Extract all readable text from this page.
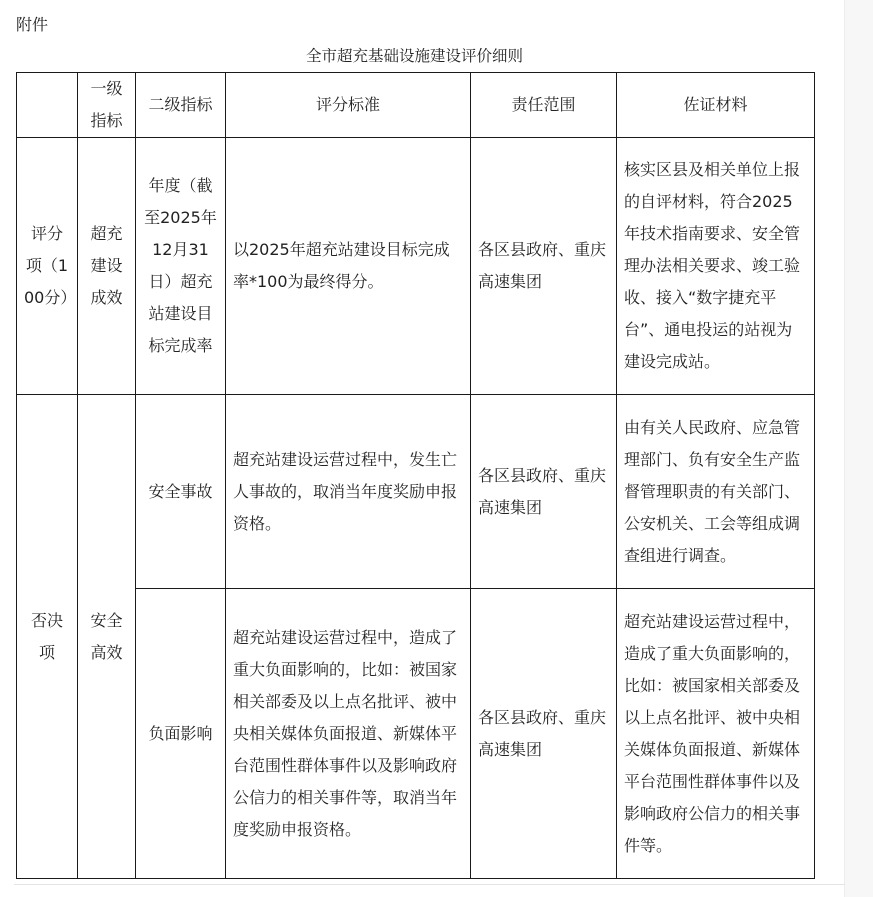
附件
全市超充基础设施建设评价细则
	一级指标	二级指标	评分标准	责任范围	佐证材料
评分项（100分）	超充建设成效	年度（截至2025年12月31日）超充站建设目标完成率	以2025年超充站建设目标完成率*100为最终得分。	各区县政府、重庆高速集团	核实区县及相关单位上报的自评材料，符合2025年技术指南要求、安全管理办法相关要求、竣工验收、接入“数字捷充平台”、通电投运的站视为建设完成站。
否决项	安全高效	安全事故	超充站建设运营过程中，发生亡人事故的，取消当年度奖励申报资格。	各区县政府、重庆高速集团	由有关人民政府、应急管理部门、负有安全生产监督管理职责的有关部门、公安机关、工会等组成调查组进行调查。
		负面影响	超充站建设运营过程中，造成了重大负面影响的，比如：被国家相关部委及以上点名批评、被中央相关媒体负面报道、新媒体平台范围性群体事件以及影响政府公信力的相关事件等，取消当年度奖励申报资格。	各区县政府、重庆高速集团	超充站建设运营过程中，造成了重大负面影响的，比如：被国家相关部委及以上点名批评、被中央相关媒体负面报道、新媒体平台范围性群体事件以及影响政府公信力的相关事件等。
